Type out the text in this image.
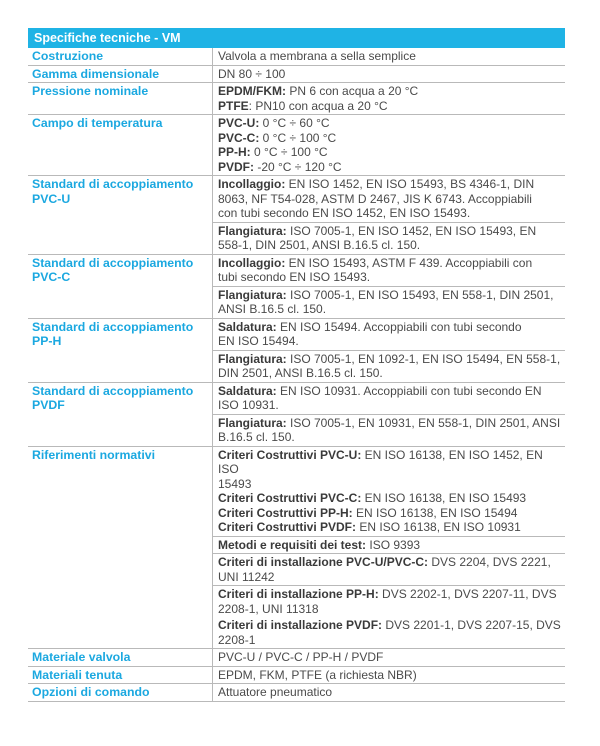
Specifiche tecniche - VM
Costruzione	Valvola a membrana a sella semplice
Gamma dimensionale	DN 80 ÷ 100
Pressione nominale	EPDM/FKM: PN 6 con acqua a 20 °C
PTFE: PN10 con acqua a 20 °C

Campo di temperatura	PVC-U: 0 °C ÷ 60 °C
PVC-C: 0 °C ÷ 100 °C
PP-H: 0 °C ÷ 100 °C
PVDF: -20 °C ÷ 120 °C

Standard di accoppiamento PVC-U	Incollaggio: EN ISO 1452, EN ISO 15493, BS 4346-1, DIN
8063, NF T54-028, ASTM D 2467, JIS K 6743. Accoppiabili
con tubi secondo EN ISO 1452, EN ISO 15493.

	Flangiatura: ISO 7005-1, EN ISO 1452, EN ISO 15493, EN
558-1, DIN 2501, ANSI B.16.5 cl. 150.

Standard di accoppiamento PVC-C	Incollaggio: EN ISO 15493, ASTM F 439. Accoppiabili con
tubi secondo EN ISO 15493.

	Flangiatura: ISO 7005-1, EN ISO 15493, EN 558-1, DIN 2501,
ANSI B.16.5 cl. 150.

Standard di accoppiamento PP-H	Saldatura: EN ISO 15494. Accoppiabili con tubi secondo
EN ISO 15494.

	Flangiatura: ISO 7005-1, EN 1092-1, EN ISO 15494, EN 558-1,
DIN 2501, ANSI B.16.5 cl. 150.

Standard di accoppiamento PVDF	Saldatura: EN ISO 10931. Accoppiabili con tubi secondo EN
ISO 10931.

	Flangiatura: ISO 7005-1, EN 10931, EN 558-1, DIN 2501, ANSI
B.16.5 cl. 150.

Riferimenti normativi	Criteri Costruttivi PVC-U: EN ISO 16138, EN ISO 1452, EN ISO
15493
Criteri Costruttivi PVC-C: EN ISO 16138, EN ISO 15493
Criteri Costruttivi PP-H: EN ISO 16138, EN ISO 15494
Criteri Costruttivi PVDF: EN ISO 16138, EN ISO 10931

	Metodi e requisiti dei test: ISO 9393

	Criteri di installazione PVC-U/PVC-C: DVS 2204, DVS 2221,
UNI 11242

	Criteri di installazione PP-H: DVS 2202-1, DVS 2207-11, DVS
2208-1, UNI 11318

	Criteri di installazione PVDF: DVS 2201-1, DVS 2207-15, DVS
2208-1

Materiale valvola	PVC-U / PVC-C / PP-H / PVDF
Materiali tenuta	EPDM, FKM, PTFE (a richiesta NBR)
Opzioni di comando	Attuatore pneumatico
